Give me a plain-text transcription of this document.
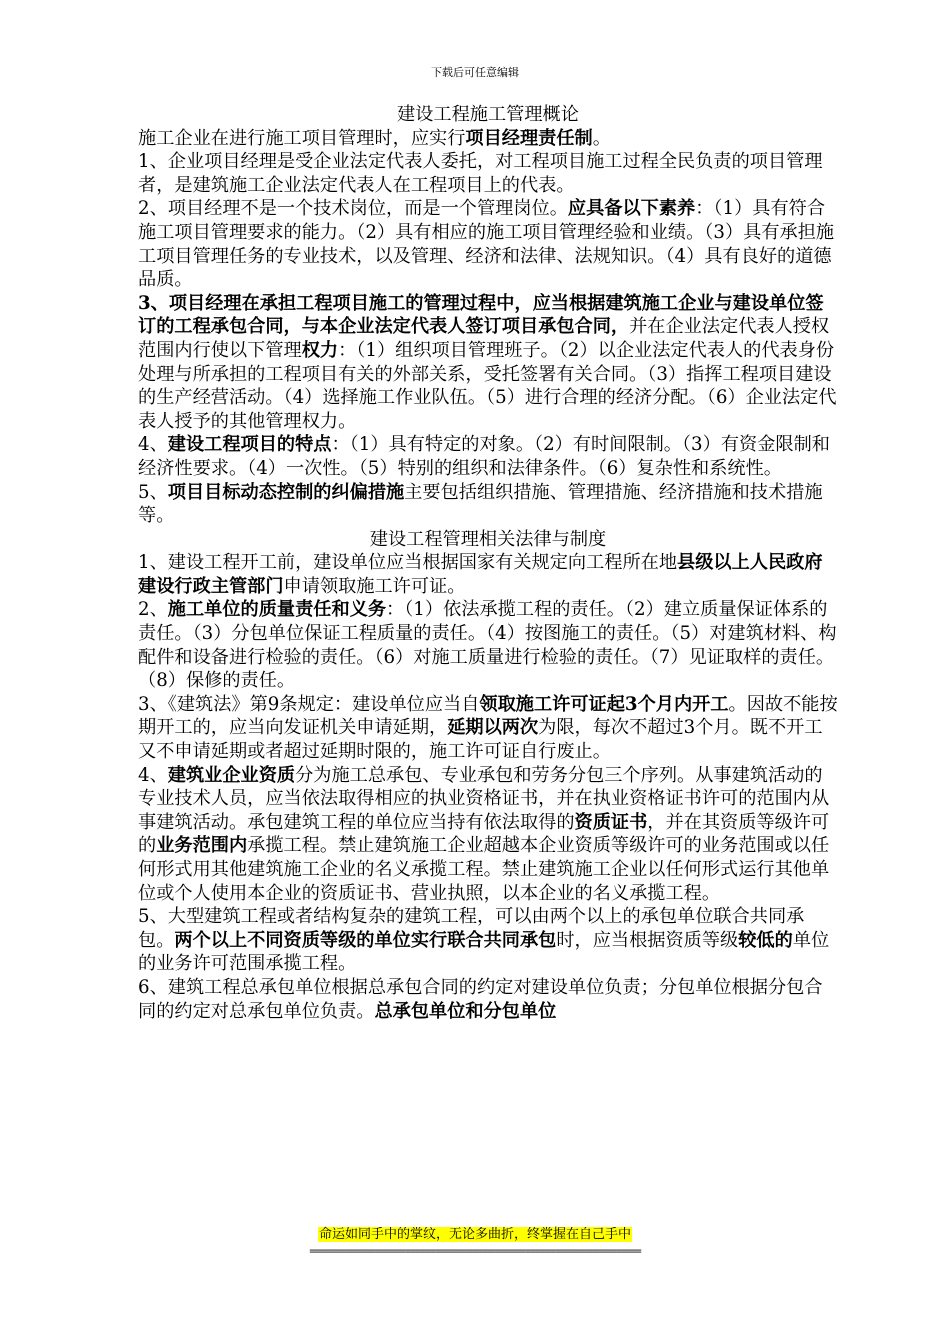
下载后可任意编辑

建设工程施工管理概论

施工企业在进行施工项目管理时，应实行项目经理责任制。

1、企业项目经理是受企业法定代表人委托，对工程项目施工过程全民负责的项目管理者，是建筑施工企业法定代表人在工程项目上的代表。

2、项目经理不是一个技术岗位，而是一个管理岗位。应具备以下素养：（1）具有符合施工项目管理要求的能力。（2）具有相应的施工项目管理经验和业绩。（3）具有承担施工项目管理任务的专业技术，以及管理、经济和法律、法规知识。（4）具有良好的道德品质。

3、项目经理在承担工程项目施工的管理过程中，应当根据建筑施工企业与建设单位签订的工程承包合同，与本企业法定代表人签订项目承包合同，并在企业法定代表人授权范围内行使以下管理权力：（1）组织项目管理班子。（2）以企业法定代表人的代表身份处理与所承担的工程项目有关的外部关系，受托签署有关合同。（3）指挥工程项目建设的生产经营活动。（4）选择施工作业队伍。（5）进行合理的经济分配。（6）企业法定代表人授予的其他管理权力。

4、建设工程项目的特点：（1）具有特定的对象。（2）有时间限制。（3）有资金限制和经济性要求。（4）一次性。（5）特别的组织和法律条件。（6）复杂性和系统性。

5、项目目标动态控制的纠偏措施主要包括组织措施、管理措施、经济措施和技术措施等。

建设工程管理相关法律与制度

1、建设工程开工前，建设单位应当根据国家有关规定向工程所在地县级以上人民政府建设行政主管部门申请领取施工许可证。

2、施工单位的质量责任和义务：（1）依法承揽工程的责任。（2）建立质量保证体系的责任。（3）分包单位保证工程质量的责任。（4）按图施工的责任。（5）对建筑材料、构配件和设备进行检验的责任。（6）对施工质量进行检验的责任。（7）见证取样的责任。（8）保修的责任。

3、《建筑法》第9条规定：建设单位应当自领取施工许可证起3个月内开工。因故不能按期开工的，应当向发证机关申请延期，延期以两次为限，每次不超过3个月。既不开工又不申请延期或者超过延期时限的，施工许可证自行废止。

4、建筑业企业资质分为施工总承包、专业承包和劳务分包三个序列。从事建筑活动的专业技术人员，应当依法取得相应的执业资格证书，并在执业资格证书许可的范围内从事建筑活动。承包建筑工程的单位应当持有依法取得的资质证书，并在其资质等级许可的业务范围内承揽工程。禁止建筑施工企业超越本企业资质等级许可的业务范围或以任何形式用其他建筑施工企业的名义承揽工程。禁止建筑施工企业以任何形式运行其他单位或个人使用本企业的资质证书、营业执照，以本企业的名义承揽工程。

5、大型建筑工程或者结构复杂的建筑工程，可以由两个以上的承包单位联合共同承包。两个以上不同资质等级的单位实行联合共同承包时，应当根据资质等级较低的单位的业务许可范围承揽工程。

6、建筑工程总承包单位根据总承包合同的约定对建设单位负责；分包单位根据分包合同的约定对总承包单位负责。总承包单位和分包单位

命运如同手中的掌纹，无论多曲折，终掌握在自己手中
==================================================================
